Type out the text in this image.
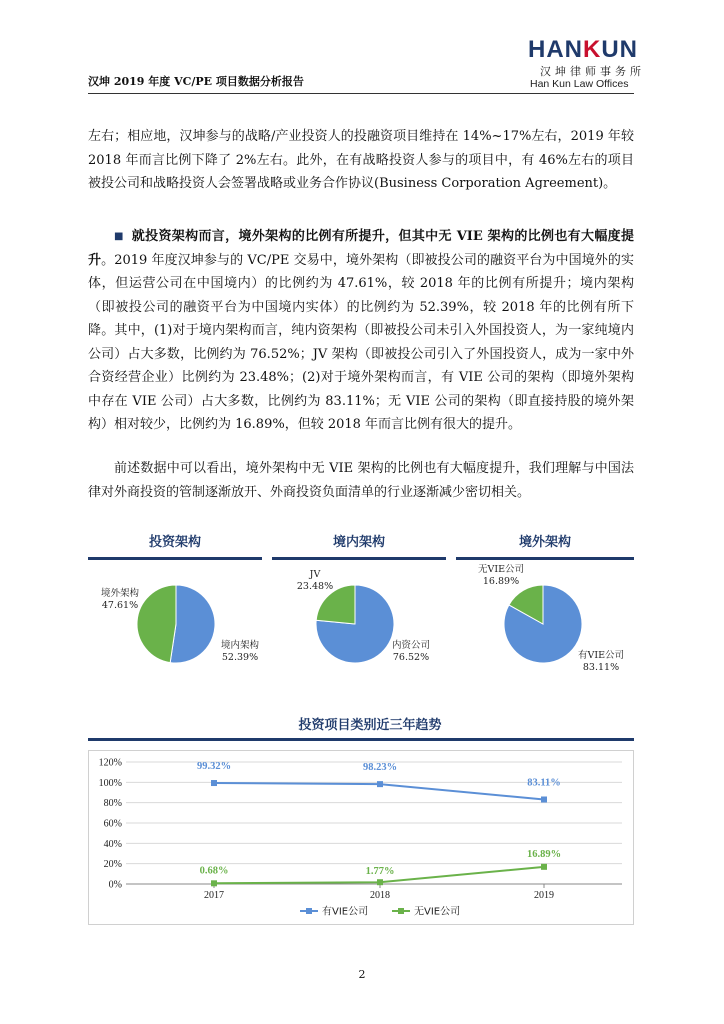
汉坤 2019 年度 VC/PE 项目数据分析报告
HANKUN
汉坤律师事务所
Han Kun Law Offices

左右；相应地，汉坤参与的战略/产业投资人的投融资项目维持在 14%~17%左右，2019 年较 2018 年而言比例下降了 2%左右。此外，在有战略投资人参与的项目中，有 46%左右的项目被投公司和战略投资人会签署战略或业务合作协议(Business Corporation Agreement)。

■ 就投资架构而言，境外架构的比例有所提升，但其中无 VIE 架构的比例也有大幅度提升。2019 年度汉坤参与的 VC/PE 交易中，境外架构（即被投公司的融资平台为中国境外的实体，但运营公司在中国境内）的比例约为 47.61%，较 2018 年的比例有所提升；境内架构（即被投公司的融资平台为中国境内实体）的比例约为 52.39%，较 2018 年的比例有所下降。其中，(1)对于境内架构而言，纯内资架构（即被投公司未引入外国投资人，为一家纯境内公司）占大多数，比例约为 76.52%；JV 架构（即被投公司引入了外国投资人，成为一家中外合资经营企业）比例约为 23.48%；(2)对于境外架构而言，有 VIE 公司的架构（即境外架构中存在 VIE 公司）占大多数，比例约为 83.11%；无 VIE 公司的架构（即直接持股的境外架构）相对较少，比例约为 16.89%，但较 2018 年而言比例有很大的提升。

前述数据中可以看出，境外架构中无 VIE 架构的比例也有大幅度提升，我们理解与中国法律对外商投资的管制逐渐放开、外商投资负面清单的行业逐渐减少密切相关。

投资架构	境内架构	境外架构
境外架构
47.61%
境内架构
52.39%
JV
23.48%
内资公司
76.52%
无VIE公司
16.89%
有VIE公司
83.11%
投资项目类别近三年趋势
0%
20%
40%
60%
80%
100%
120%
2017	2018	2019
99.32%	98.23%
83.11%
0.68%	1.77%
16.89%
有VIE公司	无VIE公司
2
